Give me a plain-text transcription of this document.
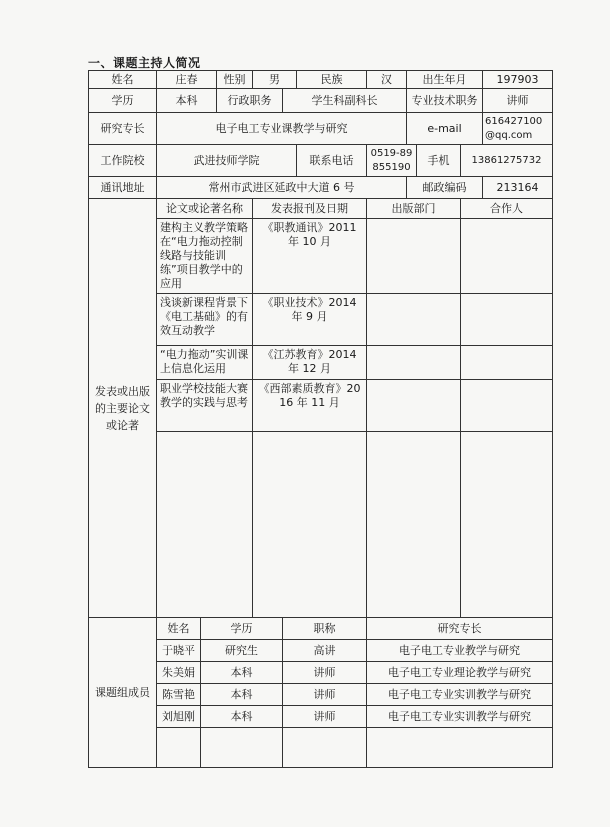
一、课题主持人简况
姓名	庄春		性别	男		民族	汉	出生年月			197903
学历	本科		行政职务		学生科副科长			专业技术职务			讲师
研究专长	电子电工专业课教学与研究							e-mail			616427100@qq.com
工作院校	武进技师学院					联系电话	0519-89855190		手机	13861275732	
通讯地址	常州市武进区延政中大道 6 号							邮政编码			213164
发表或出版的主要论文或论著	论文或论著名称			发表报刊及日期			出版部门			合作人	
	建构主义教学策略在“电力拖动控制线路与技能训练”项目教学中的应用			《职教通讯》2011 年 10 月							
	浅谈新课程背景下《电工基础》的有效互动教学			《职业技术》2014 年 9 月							
	“电力拖动”实训课上信息化运用			《江苏教育》2014 年 12 月							
	职业学校技能大赛教学的实践与思考			《西部素质教育》2016 年 11 月							

课题组成员	姓名	学历			职称		研究专长				
	于晓平	研究生			高讲		电子电工专业教学与研究				
	朱美娟	本科			讲师		电子电工专业理论教学与研究				
	陈雪艳	本科			讲师		电子电工专业实训教学与研究				
	刘旭刚	本科			讲师		电子电工专业实训教学与研究				
